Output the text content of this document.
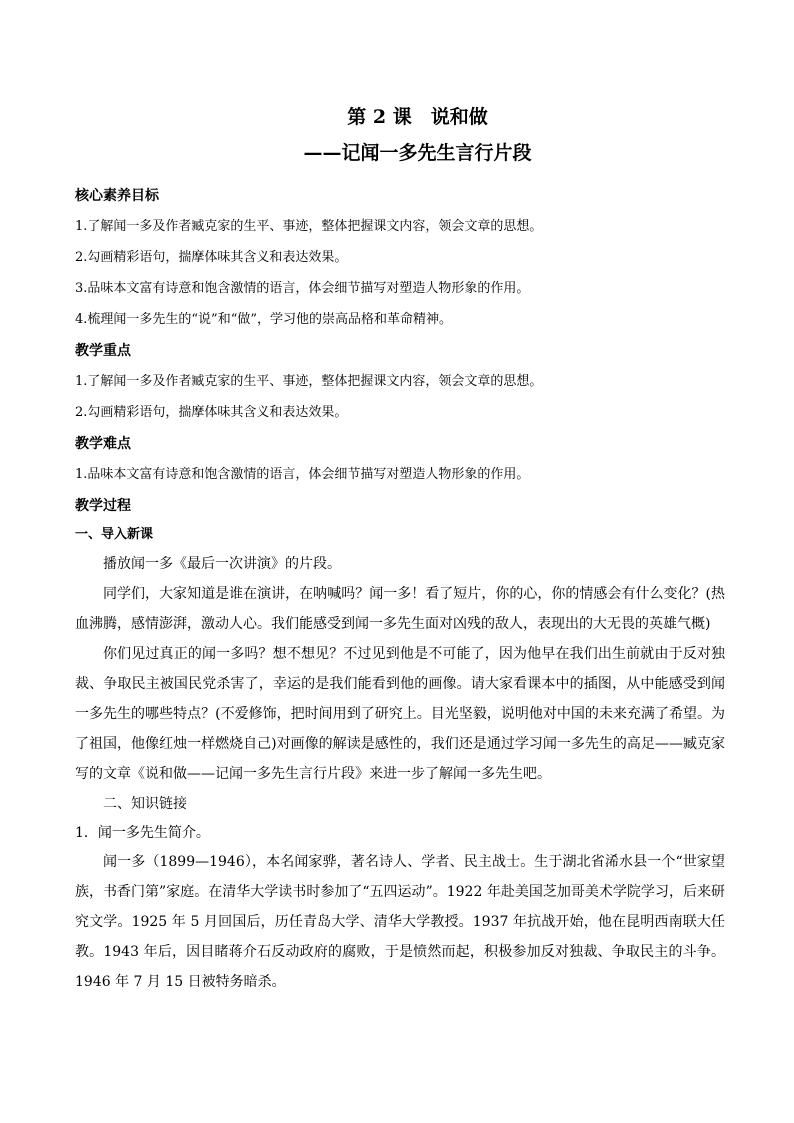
第 2 课　说和做
——记闻一多先生言行片段

核心素养目标

1.了解闻一多及作者臧克家的生平、事迹，整体把握课文内容，领会文章的思想。

2.勾画精彩语句，揣摩体味其含义和表达效果。

3.品味本文富有诗意和饱含激情的语言，体会细节描写对塑造人物形象的作用。

4.梳理闻一多先生的“说”和“做”，学习他的崇高品格和革命精神。

教学重点

1.了解闻一多及作者臧克家的生平、事迹，整体把握课文内容，领会文章的思想。

2.勾画精彩语句，揣摩体味其含义和表达效果。

教学难点

1.品味本文富有诗意和饱含激情的语言，体会细节描写对塑造人物形象的作用。

教学过程

一、导入新课

播放闻一多《最后一次讲演》的片段。

同学们，大家知道是谁在演讲，在呐喊吗？闻一多！看了短片，你的心，你的情感会有什么变化？(热血沸腾，感情澎湃，激动人心。我们能感受到闻一多先生面对凶残的敌人，表现出的大无畏的英雄气概)

你们见过真正的闻一多吗？想不想见？不过见到他是不可能了，因为他早在我们出生前就由于反对独裁、争取民主被国民党杀害了，幸运的是我们能看到他的画像。请大家看课本中的插图，从中能感受到闻一多先生的哪些特点？(不爱修饰，把时间用到了研究上。目光坚毅，说明他对中国的未来充满了希望。为了祖国，他像红烛一样燃烧自己)对画像的解读是感性的，我们还是通过学习闻一多先生的高足——臧克家写的文章《说和做——记闻一多先生言行片段》来进一步了解闻一多先生吧。

二、知识链接

1．闻一多先生简介。

闻一多（1899—1946），本名闻家骅，著名诗人、学者、民主战士。生于湖北省浠水县一个“世家望族，书香门第”家庭。在清华大学读书时参加了“五四运动”。1922 年赴美国芝加哥美术学院学习，后来研究文学。1925 年 5 月回国后，历任青岛大学、清华大学教授。1937 年抗战开始，他在昆明西南联大任教。1943 年后，因目睹蒋介石反动政府的腐败，于是愤然而起，积极参加反对独裁、争取民主的斗争。1946 年 7 月 15 日被特务暗杀。
